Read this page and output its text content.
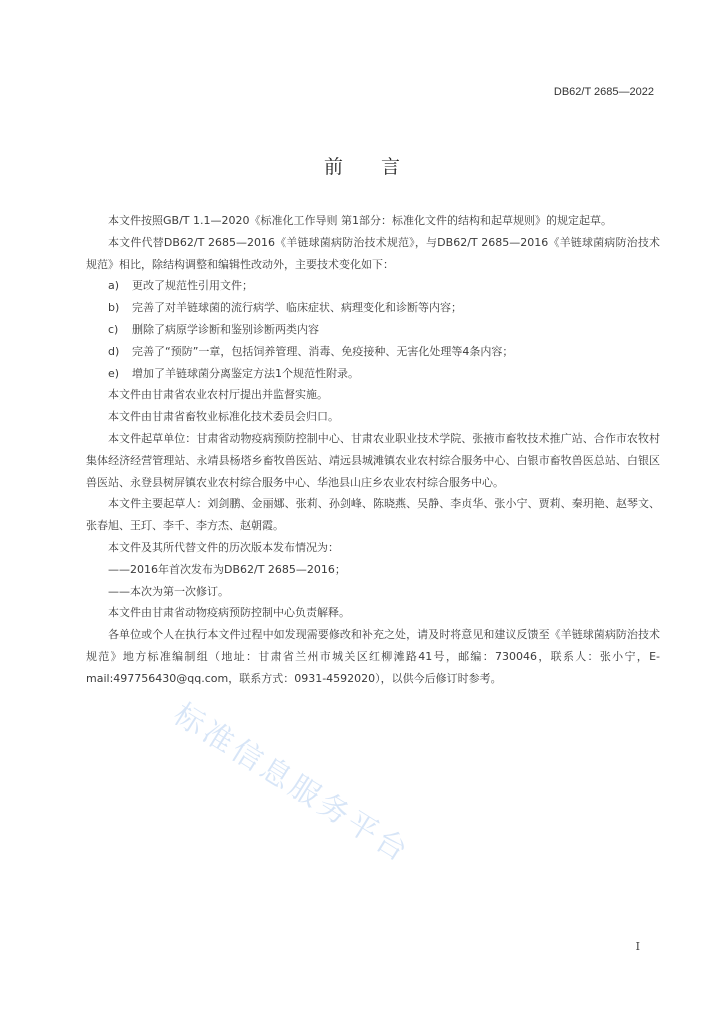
DB62/T 2685—2022
前言

本文件按照GB/T 1.1—2020《标准化工作导则 第1部分：标准化文件的结构和起草规则》的规定起草。

本文件代替DB62/T 2685—2016《羊链球菌病防治技术规范》，与DB62/T 2685—2016《羊链球菌病防治技术规范》相比，除结构调整和编辑性改动外，主要技术变化如下：

a)	更改了规范性引用文件；
b)	完善了对羊链球菌的流行病学、临床症状、病理变化和诊断等内容；
c)	删除了病原学诊断和鉴别诊断两类内容
d)	完善了“预防”一章，包括饲养管理、消毒、免疫接种、无害化处理等4条内容；
e)	增加了羊链球菌分离鉴定方法1个规范性附录。

本文件由甘肃省农业农村厅提出并监督实施。

本文件由甘肃省畜牧业标准化技术委员会归口。

本文件起草单位：甘肃省动物疫病预防控制中心、甘肃农业职业技术学院、张掖市畜牧技术推广站、合作市农牧村集体经济经营管理站、永靖县杨塔乡畜牧兽医站、靖远县城滩镇农业农村综合服务中心、白银市畜牧兽医总站、白银区兽医站、永登县树屏镇农业农村综合服务中心、华池县山庄乡农业农村综合服务中心。

本文件主要起草人：刘剑鹏、金丽娜、张莉、孙剑峰、陈晓燕、吴静、李贞华、张小宁、贾莉、秦玥艳、赵琴文、张春旭、王玎、李千、李方杰、赵朝霞。

本文件及其所代替文件的历次版本发布情况为：

——2016年首次发布为DB62/T 2685—2016；

——本次为第一次修订。

本文件由甘肃省动物疫病预防控制中心负责解释。

各单位或个人在执行本文件过程中如发现需要修改和补充之处，请及时将意见和建议反馈至《羊链球菌病防治技术规范》地方标准编制组（地址：甘肃省兰州市城关区红柳滩路41号，邮编：730046，联系人：张小宁，E-mail:497756430@qq.com，联系方式：0931-4592020），以供今后修订时参考。

标准信息服务平台
I
